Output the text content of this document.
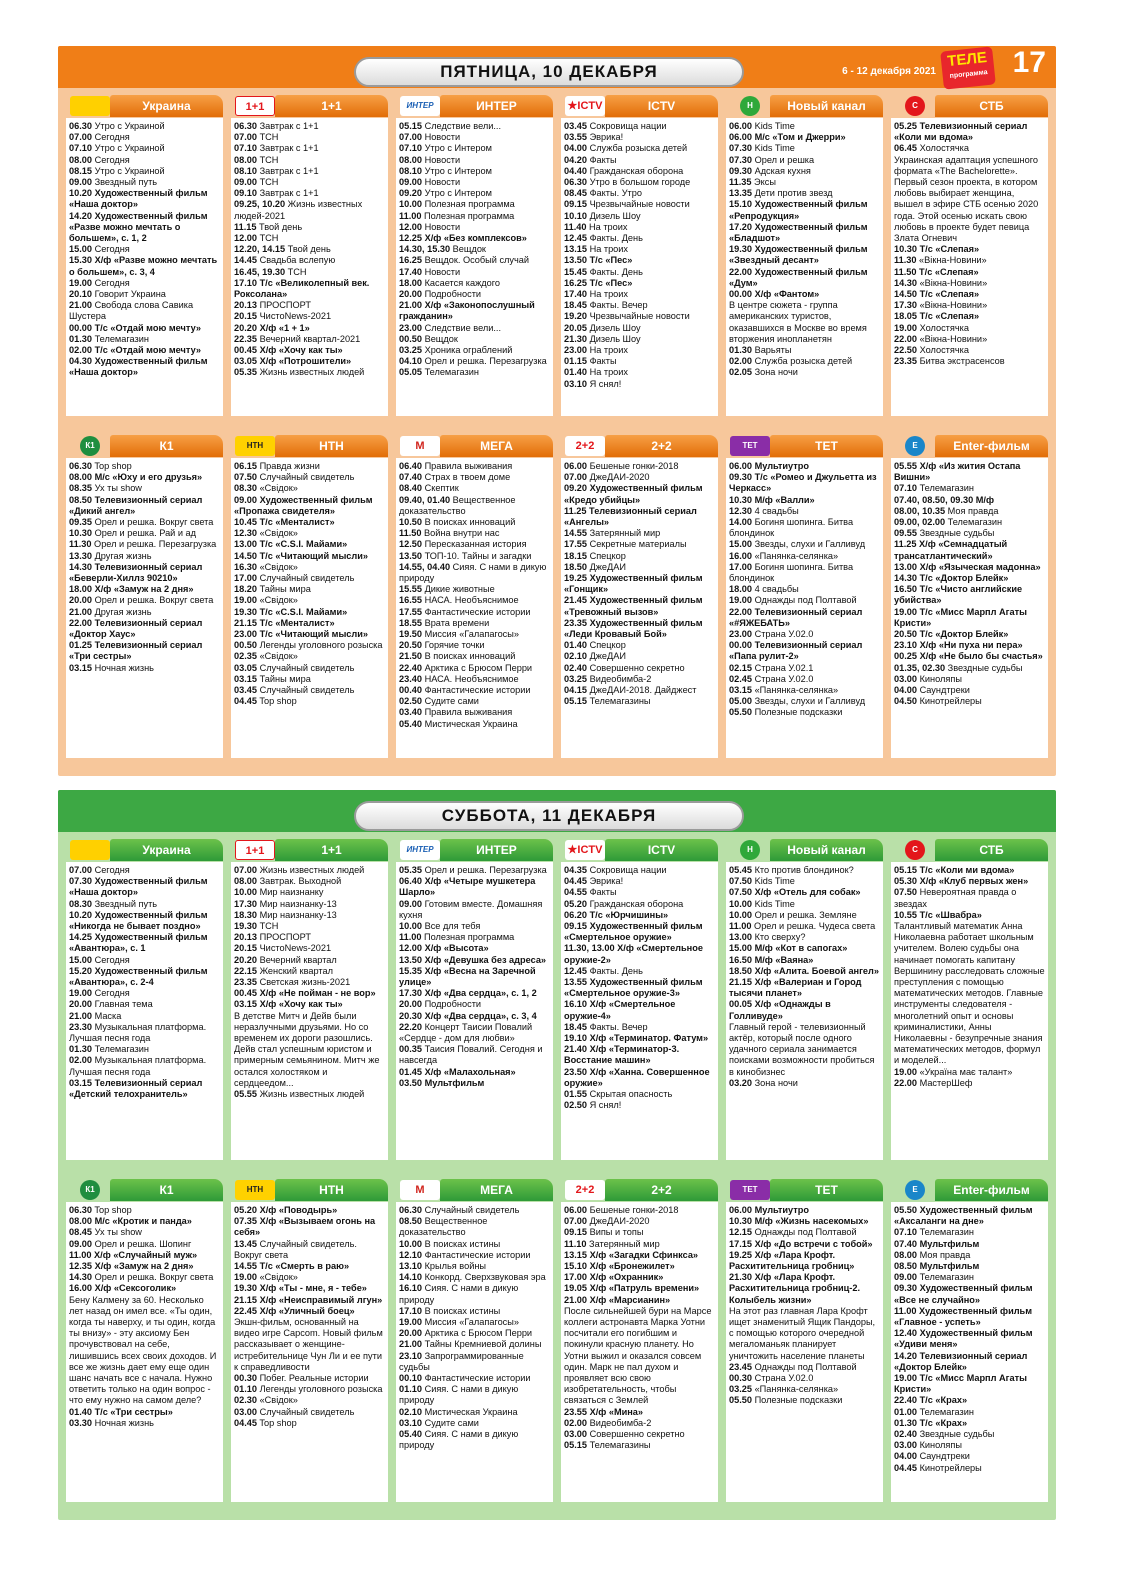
ПЯТНИЦА, 10 ДЕКАБРЯ	6 - 12 декабря 2021
ТЕЛЕ
программа 17
Украина
06.30 Утро с Украиной
07.00 Сегодня
07.10 Утро с Украиной
08.00 Сегодня
08.15 Утро с Украиной
09.00 Звездный путь
10.20 Художественный фильм «Наша доктор»
14.20 Художественный фильм «Разве можно мечтать о большем», с. 1, 2
15.00 Сегодня
15.30 Х/ф «Разве можно мечтать о большем», с. 3, 4
19.00 Сегодня
20.10 Говорит Украина
21.00 Свобода слова Савика Шустера
00.00 Т/с «Отдай мою мечту»
01.30 Телемагазин
02.00 Т/с «Отдай мою мечту»
04.30 Художественный фильм «Наша доктор»
1+1	1+1
06.30 Завтрак с 1+1
07.00 ТСН
07.10 Завтрак с 1+1
08.00 ТСН
08.10 Завтрак с 1+1
09.00 ТСН
09.10 Завтрак с 1+1
09.25, 10.20 Жизнь известных людей-2021
11.15 Твой день
12.00 ТСН
12.20, 14.15 Твой день
14.45 Свадьба вслепую
16.45, 19.30 ТСН
17.10 Т/с «Великолепный век. Роксолана»
20.13 ПРОСПОРТ
20.15 ЧистоNews-2021
20.20 Х/ф «1 + 1»
22.35 Вечерний квартал-2021
00.45 Х/ф «Хочу как ты»
03.05 Х/ф «Потрошители»
05.35 Жизнь известных людей
ИНТЕР	ИНТЕР
05.15 Следствие вели...
07.00 Новости
07.10 Утро с Интером
08.00 Новости
08.10 Утро с Интером
09.00 Новости
09.20 Утро с Интером
10.00 Полезная программа
11.00 Полезная программа
12.00 Новости
12.25 Х/ф «Без комплексов»
14.30, 15.30 Вещдок
16.25 Вещдок. Особый случай
17.40 Новости
18.00 Касается каждого
20.00 Подробности
21.00 Х/ф «Законопослушный гражданин»
23.00 Следствие вели...
00.50 Вещдок
03.25 Хроника ограблений
04.10 Орел и решка. Перезагрузка
05.05 Телемагазин
★ICTV	ICTV
03.45 Сокровища нации
03.55 Эврика!
04.00 Служба розыска детей
04.20 Факты
04.40 Гражданская оборона
06.30 Утро в большом городе
08.45 Факты. Утро
09.15 Чрезвычайные новости
10.10 Дизель Шоу
11.40 На троих
12.45 Факты. День
13.15 На троих
13.50 Т/с «Пес»
15.45 Факты. День
16.25 Т/с «Пес»
17.40 На троих
18.45 Факты. Вечер
19.20 Чрезвычайные новости
20.05 Дизель Шоу
21.30 Дизель Шоу
23.00 На троих
01.15 Факты
01.40 На троих
03.10 Я снял!
Н	Новый канал
06.00 Kids Time
06.00 М/с «Том и Джерри»
07.30 Kids Time
07.30 Орел и решка
09.30 Адская кухня
11.35 Эксы
13.35 Дети против звезд
15.10 Художественный фильм «Репродукция»
17.20 Художественный фильм «Бладшот»
19.30 Художественный фильм «Звездный десант»
22.00 Художественный фильм «Дум»
00.00 Х/ф «Фантом»
В центре сюжета - группа американских туристов, оказавшихся в Москве во время вторжения инопланетян
01.30 Варьяты
02.00 Служба розыска детей
02.05 Зона ночи
С	СТБ
05.25 Телевизионный сериал «Коли ми вдома»
06.45 Холостячка
Украинская адаптация успешного формата «The Bachelorette». Первый сезон проекта, в котором любовь выбирает женщина, вышел в эфире СТБ осенью 2020 года. Этой осенью искать свою любовь в проекте будет певица Злата Огневич
10.30 Т/с «Слепая»
11.30 «Вікна-Новини»
11.50 Т/с «Слепая»
14.30 «Вікна-Новини»
14.50 Т/с «Слепая»
17.30 «Вікна-Новини»
18.05 Т/с «Слепая»
19.00 Холостячка
22.00 «Вікна-Новини»
22.50 Холостячка
23.35 Битва экстрасенсов
К1	К1
06.30 Top shop
08.00 М/с «Юху и его друзья»
08.35 Ух ты show
08.50 Телевизионный сериал «Дикий ангел»
09.35 Орел и решка. Вокруг света
10.30 Орел и решка. Рай и ад
11.30 Орел и решка. Перезагрузка
13.30 Другая жизнь
14.30 Телевизионный сериал «Беверли-Хиллз 90210»
18.00 Х/ф «Замуж на 2 дня»
20.00 Орел и решка. Вокруг света
21.00 Другая жизнь
22.00 Телевизионный сериал «Доктор Хаус»
01.25 Телевизионный сериал «Три сестры»
03.15 Ночная жизнь
НТН	НТН
06.15 Правда жизни
07.50 Случайный свидетель
08.30 «Свідок»
09.00 Художественный фильм «Пропажа свидетеля»
10.45 Т/с «Менталист»
12.30 «Свідок»
13.00 Т/с «C.S.I. Майами»
14.50 Т/с «Читающий мысли»
16.30 «Свідок»
17.00 Случайный свидетель
18.20 Тайны мира
19.00 «Свідок»
19.30 Т/с «C.S.I. Майами»
21.15 Т/с «Менталист»
23.00 Т/с «Читающий мысли»
00.50 Легенды уголовного розыска
02.35 «Свідок»
03.05 Случайный свидетель
03.15 Тайны мира
03.45 Случайный свидетель
04.45 Top shop
М	МЕГА
06.40 Правила выживания
07.40 Страх в твоем доме
08.40 Скептик
09.40, 01.40 Вещественное доказательство
10.50 В поисках инноваций
11.50 Война внутри нас
12.50 Пересказанная история
13.50 ТОП-10. Тайны и загадки
14.55, 04.40 Сияя. С нами в дикую природу
15.55 Дикие животные
16.55 НАСА. Необъяснимое
17.55 Фантастические истории
18.55 Врата времени
19.50 Миссия «Галапагосы»
20.50 Горячие точки
21.50 В поисках инноваций
22.40 Арктика с Брюсом Перри
23.40 НАСА. Необъяснимое
00.40 Фантастические истории
02.50 Судите сами
03.40 Правила выживания
05.40 Мистическая Украина
2+2	2+2
06.00 Бешеные гонки-2018
07.00 ДжеДАИ-2020
09.20 Художественный фильм «Кредо убийцы»
11.25 Телевизионный сериал «Ангелы»
14.55 Затерянный мир
17.55 Секретные материалы
18.15 Спецкор
18.50 ДжеДАИ
19.25 Художественный фильм «Гонщик»
21.45 Художественный фильм «Тревожный вызов»
23.35 Художественный фильм «Леди Кровавый Бой»
01.40 Спецкор
02.10 ДжеДАИ
02.40 Совершенно секретно
03.25 Видеобимба-2
04.15 ДжеДАИ-2018. Дайджест
05.15 Телемагазины
ТЕТ	ТЕТ
06.00 Мультиутро
09.30 Т/с «Ромео и Джульетта из Черкасс»
10.30 М/ф «Валли»
12.30 4 свадьбы
14.00 Богиня шопинга. Битва блондинок
15.00 Звезды, слухи и Галливуд
16.00 «Панянка-селянка»
17.00 Богиня шопинга. Битва блондинок
18.00 4 свадьбы
19.00 Однажды под Полтавой
22.00 Телевизионный сериал «#ЯЖЕБАТЬ»
23.00 Страна У.02.0
00.00 Телевизионный сериал «Папа рулит-2»
02.15 Страна У.02.1
02.45 Страна У.02.0
03.15 «Панянка-селянка»
05.00 Звезды, слухи и Галливуд
05.50 Полезные подсказки
E	Enter-фильм
05.55 Х/ф «Из жития Остапа Вишни»
07.10 Телемагазин
07.40, 08.50, 09.30 М/ф
08.00, 10.35 Моя правда
09.00, 02.00 Телемагазин
09.55 Звездные судьбы
11.25 Х/ф «Семнадцатый трансатлантический»
13.00 Х/ф «Языческая мадонна»
14.30 Т/с «Доктор Блейк»
16.50 Т/с «Чисто английские убийства»
19.00 Т/с «Мисс Марпл Агаты Кристи»
20.50 Т/с «Доктор Блейк»
23.10 Х/ф «Ни пуха ни пера»
00.25 Х/ф «Не было бы счастья»
01.35, 02.30 Звездные судьбы
03.00 Киноляпы
04.00 Саундтреки
04.50 Кинотрейлеры
СУББОТА, 11 ДЕКАБРЯ
Украина
07.00 Сегодня
07.30 Художественный фильм «Наша доктор»
08.30 Звездный путь
10.20 Художественный фильм «Никогда не бывает поздно»
14.25 Художественный фильм «Авантюра», с. 1
15.00 Сегодня
15.20 Художественный фильм «Авантюра», с. 2-4
19.00 Сегодня
20.00 Главная тема
21.00 Маска
23.30 Музыкальная платформа. Лучшая песня года
01.30 Телемагазин
02.00 Музыкальная платформа. Лучшая песня года
03.15 Телевизионный сериал «Детский телохранитель»
1+1	1+1
07.00 Жизнь известных людей
08.00 Завтрак. Выходной
10.00 Мир наизнанку
17.30 Мир наизнанку-13
18.30 Мир наизнанку-13
19.30 ТСН
20.13 ПРОСПОРТ
20.15 ЧистоNews-2021
20.20 Вечерний квартал
22.15 Женский квартал
23.35 Светская жизнь-2021
00.45 Х/ф «Не пойман - не вор»
03.15 Х/ф «Хочу как ты»
В детстве Митч и Дейв были неразлучными друзьями. Но со временем их дороги разошлись. Дейв стал успешным юристом и примерным семьянином. Митч же остался холостяком и сердцеедом...
05.55 Жизнь известных людей
ИНТЕР	ИНТЕР
05.35 Орел и решка. Перезагрузка
06.40 Х/ф «Четыре мушкетера Шарло»
09.00 Готовим вместе. Домашняя кухня
10.00 Все для тебя
11.00 Полезная программа
12.00 Х/ф «Высота»
13.50 Х/ф «Девушка без адреса»
15.35 Х/ф «Весна на Заречной улице»
17.30 Х/ф «Два сердца», с. 1, 2
20.00 Подробности
20.30 Х/ф «Два сердца», с. 3, 4
22.20 Концерт Таисии Повалий «Сердце - дом для любви»
00.35 Таисия Повалий. Сегодня и навсегда
01.45 Х/ф «Малахольная»
03.50 Мультфильм
★ICTV	ICTV
04.35 Сокровища нации
04.45 Эврика!
04.55 Факты
05.20 Гражданская оборона
06.20 Т/с «Юрчишины»
09.15 Художественный фильм «Смертельное оружие»
11.30, 13.00 Х/ф «Смертельное оружие-2»
12.45 Факты. День
13.55 Художественный фильм «Смертельное оружие-3»
16.10 Х/ф «Смертельное оружие-4»
18.45 Факты. Вечер
19.10 Х/ф «Терминатор. Фатум»
21.40 Х/ф «Терминатор-3. Восстание машин»
23.50 Х/ф «Ханна. Совершенное оружие»
01.55 Скрытая опасность
02.50 Я снял!
Н	Новый канал
05.45 Кто против блондинок?
07.50 Kids Time
07.50 Х/ф «Отель для собак»
10.00 Kids Time
10.00 Орел и решка. Земляне
11.00 Орел и решка. Чудеса света
13.00 Кто сверху?
15.00 М/ф «Кот в сапогах»
16.50 М/ф «Ваяна»
18.50 Х/ф «Алита. Боевой ангел»
21.15 Х/ф «Валериан и Город тысячи планет»
00.05 Х/ф «Однажды в Голливуде»
Главный герой - телевизионный актёр, который после одного удачного сериала занимается поисками возможности пробиться в кинобизнес
03.20 Зона ночи
С	СТБ
05.15 Т/с «Коли ми вдома»
05.30 Х/ф «Клуб первых жен»
07.50 Невероятная правда о звездах
10.55 Т/с «Швабра»
Талантливый математик Анна Николаевна работает школьным учителем. Волею судьбы она начинает помогать капитану Вершинину расследовать сложные преступления с помощью математических методов. Главные инструменты следователя - многолетний опыт и основы криминалистики, Анны Николаевны - безупречные знания математических методов, формул и моделей...
19.00 «Україна має талант»
22.00 МастерШеф
К1	К1
06.30 Top shop
08.00 М/с «Кротик и панда»
08.45 Ух ты show
09.00 Орел и решка. Шопинг
11.00 Х/ф «Случайный муж»
12.35 Х/ф «Замуж на 2 дня»
14.30 Орел и решка. Вокруг света
16.00 Х/ф «Сексоголик»
Бену Калмену за 60. Несколько лет назад он имел все. «Ты один, когда ты наверху, и ты один, когда ты внизу» - эту аксиому Бен прочувствовал на себе, лишившись всех своих доходов. И все же жизнь дает ему еще один шанс начать все с начала. Нужно ответить только на один вопрос - что ему нужно на самом деле?
01.40 Т/с «Три сестры»
03.30 Ночная жизнь
НТН	НТН
05.20 Х/ф «Поводырь»
07.35 Х/ф «Вызываем огонь на себя»
13.45 Случайный свидетель. Вокруг света
14.55 Т/с «Смерть в раю»
19.00 «Свідок»
19.30 Х/ф «Ты - мне, я - тебе»
21.15 Х/ф «Неисправимый лгун»
22.45 Х/ф «Уличный боец»
Экшн-фильм, основанный на видео игре Capcom. Новый фильм рассказывает о женщине-истребительнице Чун Ли и ее пути к справедливости
00.30 Побег. Реальные истории
01.10 Легенды уголовного розыска
02.30 «Свідок»
03.00 Случайный свидетель
04.45 Top shop
М	МЕГА
06.30 Случайный свидетель
08.50 Вещественное доказательство
10.00 В поисках истины
12.10 Фантастические истории
13.10 Крылья войны
14.10 Конкорд. Сверхзвуковая эра
16.10 Сияя. С нами в дикую природу
17.10 В поисках истины
19.00 Миссия «Галапагосы»
20.00 Арктика с Брюсом Перри
21.00 Тайны Кремниевой долины
23.10 Запрограммированные судьбы
00.10 Фантастические истории
01.10 Сияя. С нами в дикую природу
02.10 Мистическая Украина
03.10 Судите сами
05.40 Сияя. С нами в дикую природу
2+2	2+2
06.00 Бешеные гонки-2018
07.00 ДжеДАИ-2020
09.15 Випы и топы
11.10 Затерянный мир
13.15 Х/ф «Загадки Сфинкса»
15.10 Х/ф «Бронежилет»
17.00 Х/ф «Охранник»
19.05 Х/ф «Патруль времени»
21.00 Х/ф «Марсианин»
После сильнейшей бури на Марсе коллеги астронавта Марка Уотни посчитали его погибшим и покинули красную планету. Но Уотни выжил и оказался совсем один. Марк не пал духом и проявляет всю свою изобретательность, чтобы связаться с Землей
23.55 Х/ф «Мина»
02.00 Видеобимба-2
03.00 Совершенно секретно
05.15 Телемагазины
ТЕТ	ТЕТ
06.00 Мультиутро
10.30 М/ф «Жизнь насекомых»
12.15 Однажды под Полтавой
17.15 Х/ф «До встречи с тобой»
19.25 Х/ф «Лара Крофт. Расхитительница гробниц»
21.30 Х/ф «Лара Крофт. Расхитительница гробниц-2. Колыбель жизни»
На этот раз главная Лара Крофт ищет знаменитый Ящик Пандоры, с помощью которого очередной мегаломаньяк планирует уничтожить население планеты
23.45 Однажды под Полтавой
00.30 Страна У.02.0
03.25 «Панянка-селянка»
05.50 Полезные подсказки
E	Enter-фильм
05.50 Художественный фильм «Аксаланги на дне»
07.10 Телемагазин
07.40 Мультфильм
08.00 Моя правда
08.50 Мультфильм
09.00 Телемагазин
09.30 Художественный фильм «Все не случайно»
11.00 Художественный фильм «Главное - успеть»
12.40 Художественный фильм «Удиви меня»
14.20 Телевизионный сериал «Доктор Блейк»
19.00 Т/с «Мисс Марпл Агаты Кристи»
22.40 Т/с «Крах»
01.00 Телемагазин
01.30 Т/с «Крах»
02.40 Звездные судьбы
03.00 Киноляпы
04.00 Саундтреки
04.45 Кинотрейлеры
